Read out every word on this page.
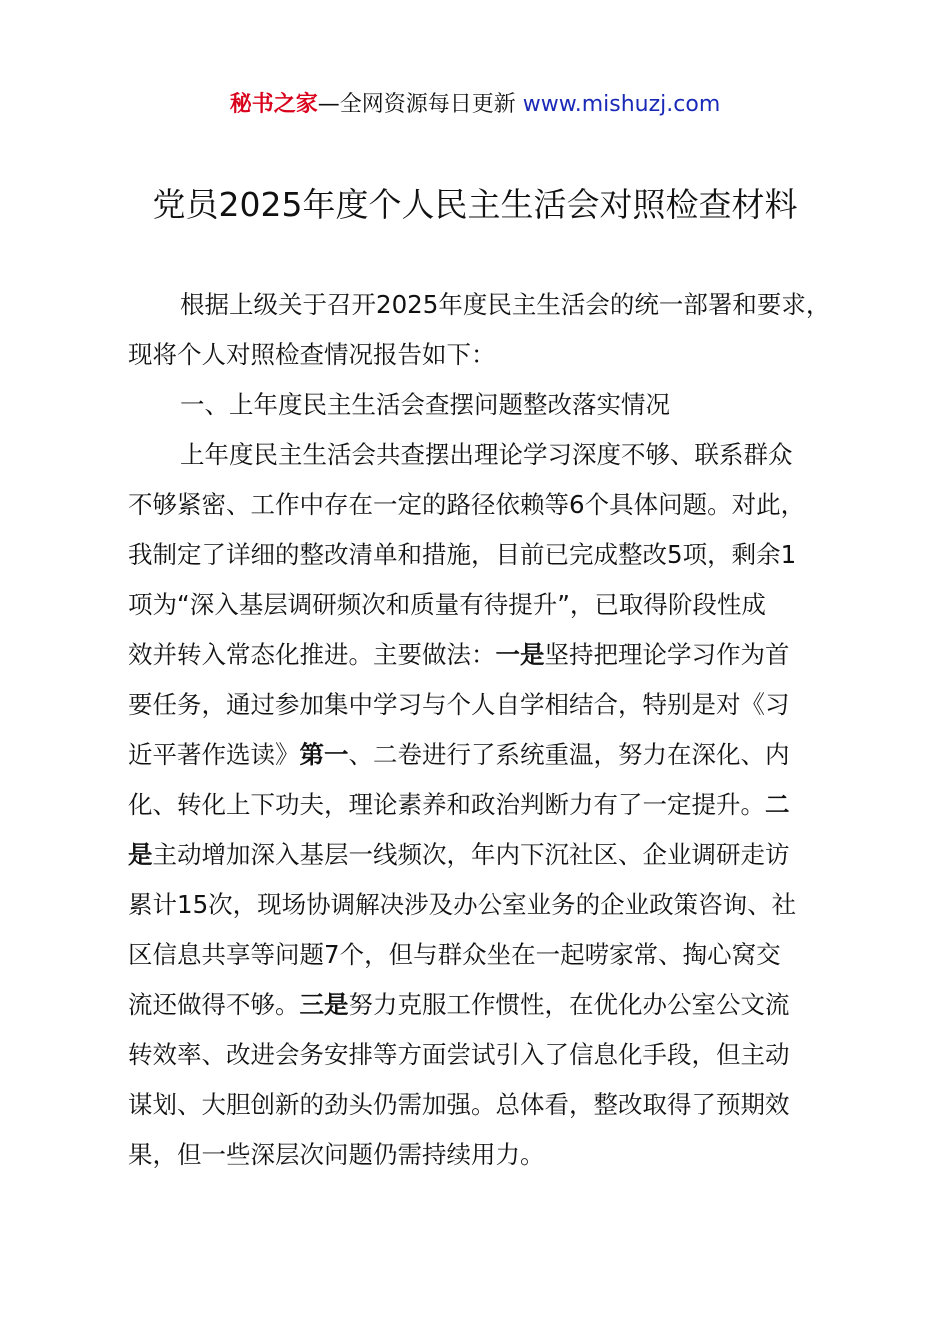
秘书之家—全网资源每日更新 www.mishuzj.com
党员2025年度个人民主生活会对照检查材料
根据上级关于召开2025年度民主生活会的统一部署和要求，
现将个人对照检查情况报告如下：
一、上年度民主生活会查摆问题整改落实情况
上年度民主生活会共查摆出理论学习深度不够、联系群众
不够紧密、工作中存在一定的路径依赖等6个具体问题。对此，
我制定了详细的整改清单和措施，目前已完成整改5项，剩余1
项为“深入基层调研频次和质量有待提升”，已取得阶段性成
效并转入常态化推进。主要做法：一是坚持把理论学习作为首
要任务，通过参加集中学习与个人自学相结合，特别是对《习
近平著作选读》第一、二卷进行了系统重温，努力在深化、内
化、转化上下功夫，理论素养和政治判断力有了一定提升。二
是主动增加深入基层一线频次，年内下沉社区、企业调研走访
累计15次，现场协调解决涉及办公室业务的企业政策咨询、社
区信息共享等问题7个，但与群众坐在一起唠家常、掏心窝交
流还做得不够。三是努力克服工作惯性，在优化办公室公文流
转效率、改进会务安排等方面尝试引入了信息化手段，但主动
谋划、大胆创新的劲头仍需加强。总体看，整改取得了预期效
果，但一些深层次问题仍需持续用力。
